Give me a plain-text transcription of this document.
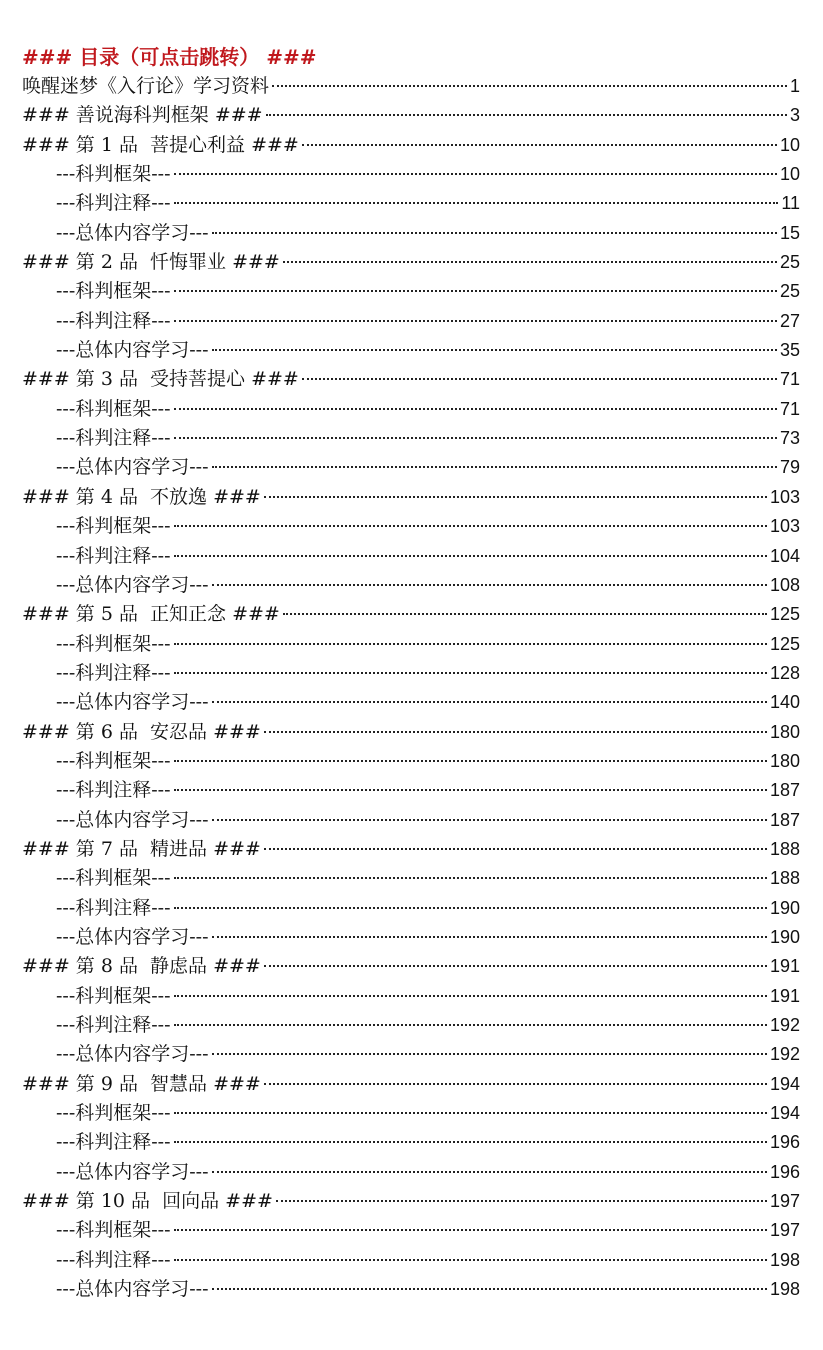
### 目录（可点击跳转） ###
唤醒迷梦《入行论》学习资料	1
### 善说海科判框架 ###	3
### 第 1 品  菩提心利益 ###	10
---科判框架---	10
---科判注释---	11
---总体内容学习---	15
### 第 2 品  忏悔罪业 ###	25
---科判框架---	25
---科判注释---	27
---总体内容学习---	35
### 第 3 品  受持菩提心 ###	71
---科判框架---	71
---科判注释---	73
---总体内容学习---	79
### 第 4 品  不放逸 ###	103
---科判框架---	103
---科判注释---	104
---总体内容学习---	108
### 第 5 品  正知正念 ###	125
---科判框架---	125
---科判注释---	128
---总体内容学习---	140
### 第 6 品  安忍品 ###	180
---科判框架---	180
---科判注释---	187
---总体内容学习---	187
### 第 7 品  精进品 ###	188
---科判框架---	188
---科判注释---	190
---总体内容学习---	190
### 第 8 品  静虑品 ###	191
---科判框架---	191
---科判注释---	192
---总体内容学习---	192
### 第 9 品  智慧品 ###	194
---科判框架---	194
---科判注释---	196
---总体内容学习---	196
### 第 10 品  回向品 ###	197
---科判框架---	197
---科判注释---	198
---总体内容学习---	198
